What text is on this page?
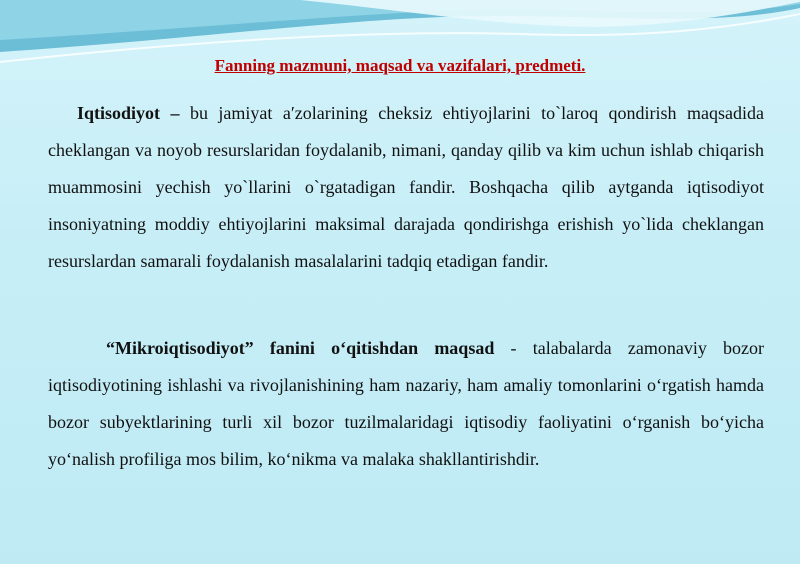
Fanning mazmuni, maqsad va vazifalari, predmeti.

Iqtisodiyot – bu jamiyat a′zolarining cheksiz ehtiyojlarini to`laroq qondirish maqsadida cheklangan va noyob resurslaridan foydalanib, nimani, qanday qilib va kim uchun ishlab chiqarish muammosini yechish yo`llarini o`rgatadigan fandir. Boshqacha qilib aytganda iqtisodiyot insoniyatning moddiy ehtiyojlarini maksimal darajada qondirishga erishish yo`lida cheklangan resurslardan samarali foydalanish masalalarini tadqiq etadigan fandir.

“Mikroiqtisodiyot” fanini o‘qitishdan maqsad - talabalarda zamonaviy bozor iqtisodiyotining ishlashi va rivojlanishining ham nazariy, ham amaliy tomonlarini o‘rgatish hamda bozor subyektlarining turli xil bozor tuzilmalaridagi iqtisodiy faoliyatini o‘rganish bo‘yicha yo‘nalish profiliga mos bilim, ko‘nikma va malaka shakllantirishdir.
